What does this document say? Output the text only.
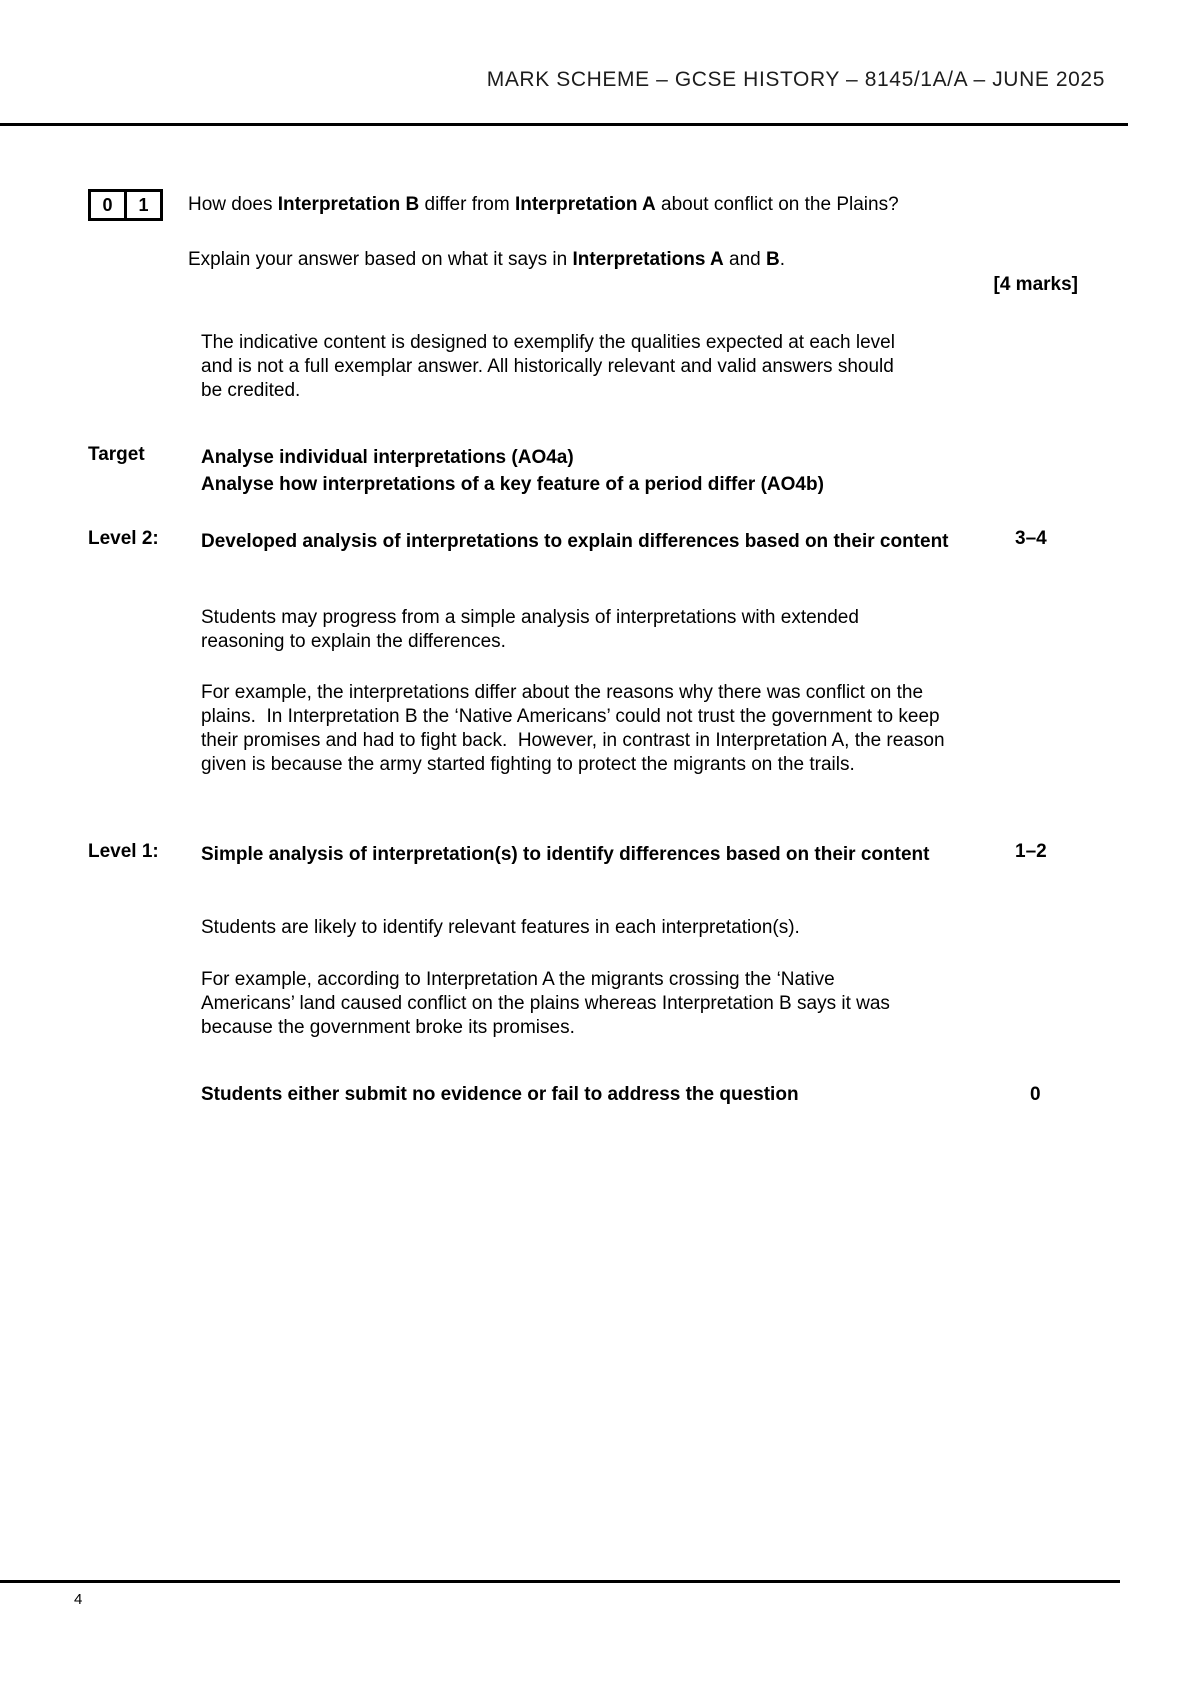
MARK SCHEME – GCSE HISTORY – 8145/1A/A – JUNE 2025
0	1	How does Interpretation B differ from Interpretation A about conflict on the Plains?
Explain your answer based on what it says in Interpretations A and B.
[4 marks]
The indicative content is designed to exemplify the qualities expected at each level and is not a full exemplar answer. All historically relevant and valid answers should be credited.
Target	Analyse individual interpretations (AO4a)
Analyse how interpretations of a key feature of a period differ (AO4b)
Level 2: Developed analysis of interpretations to explain differences based on their content	3–4
Students may progress from a simple analysis of interpretations with extended reasoning to explain the differences.
For example, the interpretations differ about the reasons why there was conflict on the plains.  In Interpretation B the ‘Native Americans’ could not trust the government to keep their promises and had to fight back.  However, in contrast in Interpretation A, the reason given is because the army started fighting to protect the migrants on the trails.
Level 1: Simple analysis of interpretation(s) to identify differences based on their content	1–2
Students are likely to identify relevant features in each interpretation(s).
For example, according to Interpretation A the migrants crossing the ‘Native Americans’ land caused conflict on the plains whereas Interpretation B says it was because the government broke its promises.
Students either submit no evidence or fail to address the question	0
4
